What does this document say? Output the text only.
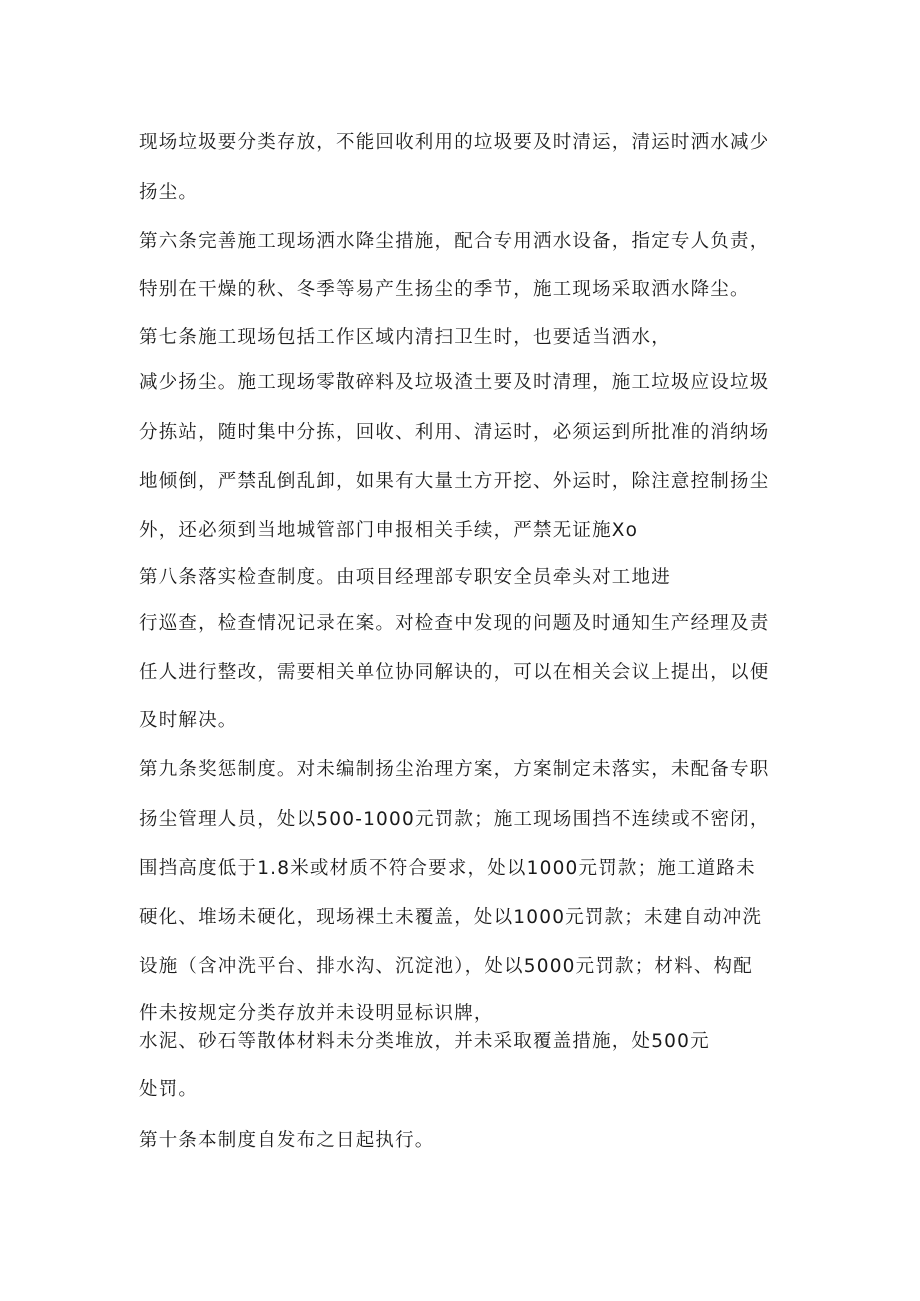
现场垃圾要分类存放，不能回收利用的垃圾要及时清运，清运时洒水减少
扬尘。
第六条完善施工现场洒水降尘措施，配合专用洒水设备，指定专人负责，
特别在干燥的秋、冬季等易产生扬尘的季节，施工现场采取洒水降尘。
第七条施工现场包括工作区域内清扫卫生时，也要适当洒水，
减少扬尘。施工现场零散碎料及垃圾渣土要及时清理，施工垃圾应设垃圾
分拣站，随时集中分拣，回收、利用、清运时，必须运到所批准的消纳场
地倾倒，严禁乱倒乱卸，如果有大量土方开挖、外运时，除注意控制扬尘
外，还必须到当地城管部门申报相关手续，严禁无证施Xo
第八条落实检查制度。由项目经理部专职安全员牵头对工地进
行巡查，检查情况记录在案。对检查中发现的问题及时通知生产经理及责
任人进行整改，需要相关单位协同解诀的，可以在相关会议上提出，以便
及时解决。
第九条奖惩制度。对未编制扬尘治理方案，方案制定未落实，未配备专职
扬尘管理人员，处以500-1000元罚款；施工现场围挡不连续或不密闭，
围挡高度低于1.8米或材质不符合要求，处以1000元罚款；施工道路未
硬化、堆场未硬化，现场裸土未覆盖，处以1000元罚款；未建自动冲洗
设施（含冲洗平台、排水沟、沉淀池），处以5000元罚款；材料、构配
件未按规定分类存放并未设明显标识牌，
水泥、砂石等散体材料未分类堆放，并未采取覆盖措施，处500元
处罚。
第十条本制度自发布之日起执行。
